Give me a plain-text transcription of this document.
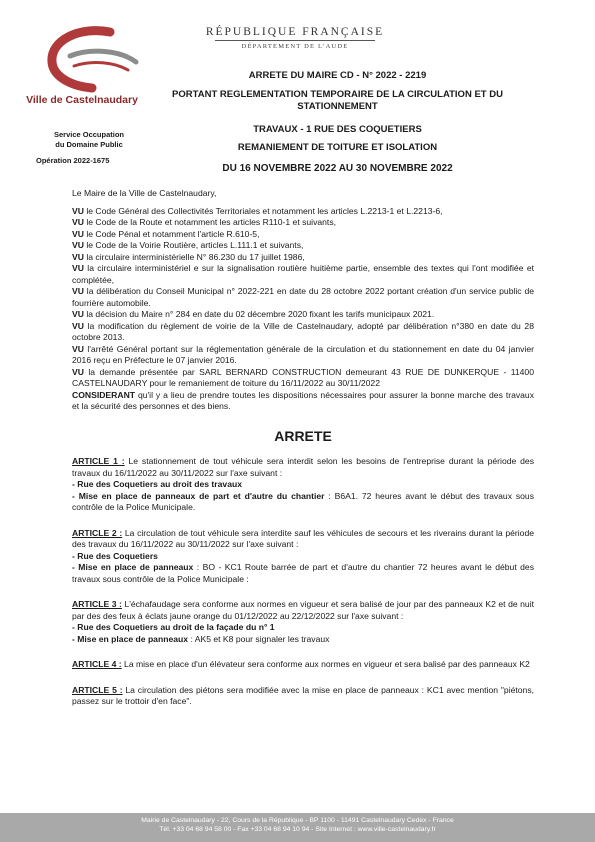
Ville de Castelnaudary
RÉPUBLIQUE FRANÇAISE
DÉPARTEMENT DE L'AUDE
Service Occupation
du Domaine Public
Opération 2022-1675
ARRETE DU MAIRE CD - N° 2022 - 2219
PORTANT REGLEMENTATION TEMPORAIRE DE LA CIRCULATION ET DU STATIONNEMENT
TRAVAUX - 1 RUE DES COQUETIERS
REMANIEMENT DE TOITURE ET ISOLATION
DU 16 NOVEMBRE 2022 AU 30 NOVEMBRE 2022

Le Maire de la Ville de Castelnaudary,

VU le Code Général des Collectivités Territoriales et notamment les articles L.2213-1 et L.2213-6,

VU le Code de la Route et notamment les articles R110-1 et suivants,

VU le Code Pénal et notamment l'article R.610-5,

VU le Code de la Voirie Routière, articles L.111.1 et suivants,

VU la circulaire interministérielle N° 86.230 du 17 juillet 1986,

VU la circulaire interministériel e sur la signalisation routière huitième partie, ensemble des textes qui l'ont modifiée et complétée,

VU la délibération du Conseil Municipal n° 2022-221 en date du 28 octobre 2022 portant création d'un service public de fourrière automobile.

VU la décision du Maire n° 284 en date du 02 décembre 2020 fixant les tarifs municipaux 2021.

VU la modification du règlement de voirie de la Ville de Castelnaudary, adopté par délibération n°380 en date du 28 octobre 2013.

VU l'arrêté Général portant sur la réglementation générale de la circulation et du stationnement en date du 04 janvier 2016 reçu en Préfecture le 07 janvier 2016.

VU la demande présentée par SARL BERNARD CONSTRUCTION demeurant 43 RUE DE DUNKERQUE - 11400 CASTELNAUDARY pour le remaniement de toiture du 16/11/2022 au 30/11/2022

CONSIDERANT qu'il y a lieu de prendre toutes les dispositions nécessaires pour assurer la bonne marche des travaux et la sécurité des personnes et des biens.

ARRETE

ARTICLE 1 : Le stationnement de tout véhicule sera interdit selon les besoins de l'entreprise durant la période des travaux du 16/11/2022 au 30/11/2022 sur l'axe suivant :

- Rue des Coquetiers au droit des travaux

- Mise en place de panneaux de part et d'autre du chantier : B6A1. 72 heures avant le début des travaux sous contrôle de la Police Municipale.

ARTICLE 2 : La circulation de tout véhicule sera interdite sauf les véhicules de secours et les riverains durant la période des travaux du 16/11/2022 au 30/11/2022 sur l'axe suivant :

- Rue des Coquetiers

- Mise en place de panneaux : BO - KC1 Route barrée de part et d'autre du chantier 72 heures avant le début des travaux sous contrôle de la Police Municipale :

ARTICLE 3 : L'échafaudage sera conforme aux normes en vigueur et sera balisé de jour par des panneaux K2 et de nuit par des des feux à éclats jaune orange du 01/12/2022 au 22/12/2022 sur l'axe suivant :

- Rue des Coquetiers au droit de la façade du n° 1

- Mise en place de panneaux : AK5 et K8 pour signaler les travaux

ARTICLE 4 : La mise en place d'un élévateur sera conforme aux normes en vigueur et sera balisé par des panneaux K2

ARTICLE 5 : La circulation des piétons sera modifiée avec la mise en place de panneaux : KC1 avec mention "piétons, passez sur le trottoir d'en face".

Mairie de Castelnaudary - 22, Cours de la République - BP 1100 - 11491 Castelnaudary Cedex - France
Tél. +33 04 68 94 58 00 - Fax +33 04 68 94 10 94 - Site Internet : www.ville-castelnaudary.fr
